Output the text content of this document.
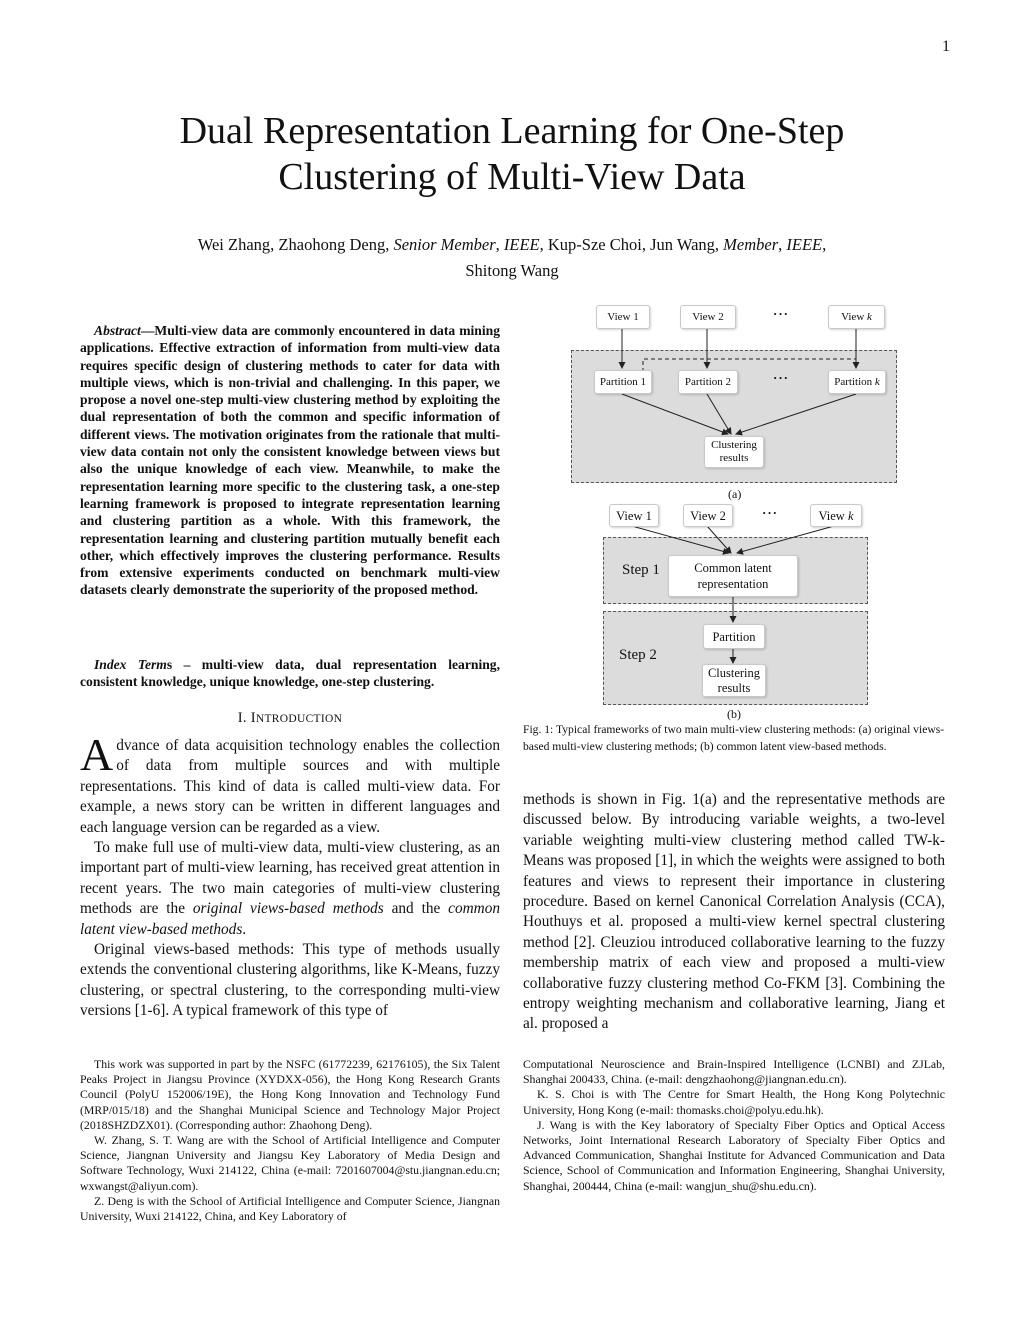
1
Dual Representation Learning for One-Step
Clustering of Multi-View Data
Wei Zhang, Zhaohong Deng, Senior Member, IEEE, Kup-Sze Choi, Jun Wang, Member, IEEE,
Shitong Wang
Abstract—Multi-view data are commonly encountered in data mining applications. Effective extraction of information from multi-view data requires specific design of clustering methods to cater for data with multiple views, which is non-trivial and challenging. In this paper, we propose a novel one-step multi-view clustering method by exploiting the dual representation of both the common and specific information of different views. The motivation originates from the rationale that multi-view data contain not only the consistent knowledge between views but also the unique knowledge of each view. Meanwhile, to make the representation learning more specific to the clustering task, a one-step learning framework is proposed to integrate representation learning and clustering partition as a whole. With this framework, the representation learning and clustering partition mutually benefit each other, which effectively improves the clustering performance. Results from extensive experiments conducted on benchmark multi-view datasets clearly demonstrate the superiority of the proposed method.
Index Terms – multi-view data, dual representation learning, consistent knowledge, unique knowledge, one-step clustering.
I. INTRODUCTION

Advance of data acquisition technology enables the collection of data from multiple sources and with multiple representations. This kind of data is called multi-view data. For example, a news story can be written in different languages and each language version can be regarded as a view.

To make full use of multi-view data, multi-view clustering, as an important part of multi-view learning, has received great attention in recent years. The two main categories of multi-view clustering methods are the original views-based methods and the common latent view-based methods.

Original views-based methods: This type of methods usually extends the conventional clustering algorithms, like K-Means, fuzzy clustering, or spectral clustering, to the corresponding multi-view versions [1-6]. A typical framework of this type of

View 1	View 2	···	View
k
Partition 1	Partition 2	···	Partition
k
Clustering
results
(a)
View 1	View 2	···	View
k
Step 1	Common latent
representation
Step 2
Partition
Clustering
results
(b)
Fig. 1: Typical frameworks of two main multi-view clustering methods: (a) original views-based multi-view clustering methods; (b) common latent view-based methods.

methods is shown in Fig. 1(a) and the representative methods are discussed below. By introducing variable weights, a two-level variable weighting multi-view clustering method called TW-k-Means was proposed [1], in which the weights were assigned to both features and views to represent their importance in clustering procedure. Based on kernel Canonical Correlation Analysis (CCA), Houthuys et al. proposed a multi-view kernel spectral clustering method [2]. Cleuziou introduced collaborative learning to the fuzzy membership matrix of each view and proposed a multi-view collaborative fuzzy clustering method Co-FKM [3]. Combining the entropy weighting mechanism and collaborative learning, Jiang et al. proposed a

This work was supported in part by the NSFC (61772239, 62176105), the Six Talent Peaks Project in Jiangsu Province (XYDXX-056), the Hong Kong Research Grants Council (PolyU 152006/19E), the Hong Kong Innovation and Technology Fund (MRP/015/18) and the Shanghai Municipal Science and Technology Major Project (2018SHZDZX01). (Corresponding author: Zhaohong Deng).

W. Zhang, S. T. Wang are with the School of Artificial Intelligence and Computer Science, Jiangnan University and Jiangsu Key Laboratory of Media Design and Software Technology, Wuxi 214122, China (e-mail: 7201607004@stu.jiangnan.edu.cn; wxwangst@aliyun.com).

Z. Deng is with the School of Artificial Intelligence and Computer Science, Jiangnan University, Wuxi 214122, China, and Key Laboratory of

Computational Neuroscience and Brain-Inspired Intelligence (LCNBI) and ZJLab, Shanghai 200433, China. (e-mail: dengzhaohong@jiangnan.edu.cn).

K. S. Choi is with The Centre for Smart Health, the Hong Kong Polytechnic University, Hong Kong (e-mail: thomasks.choi@polyu.edu.hk).

J. Wang is with the Key laboratory of Specialty Fiber Optics and Optical Access Networks, Joint International Research Laboratory of Specialty Fiber Optics and Advanced Communication, Shanghai Institute for Advanced Communication and Data Science, School of Communication and Information Engineering, Shanghai University, Shanghai, 200444, China (e-mail: wangjun_shu@shu.edu.cn).
